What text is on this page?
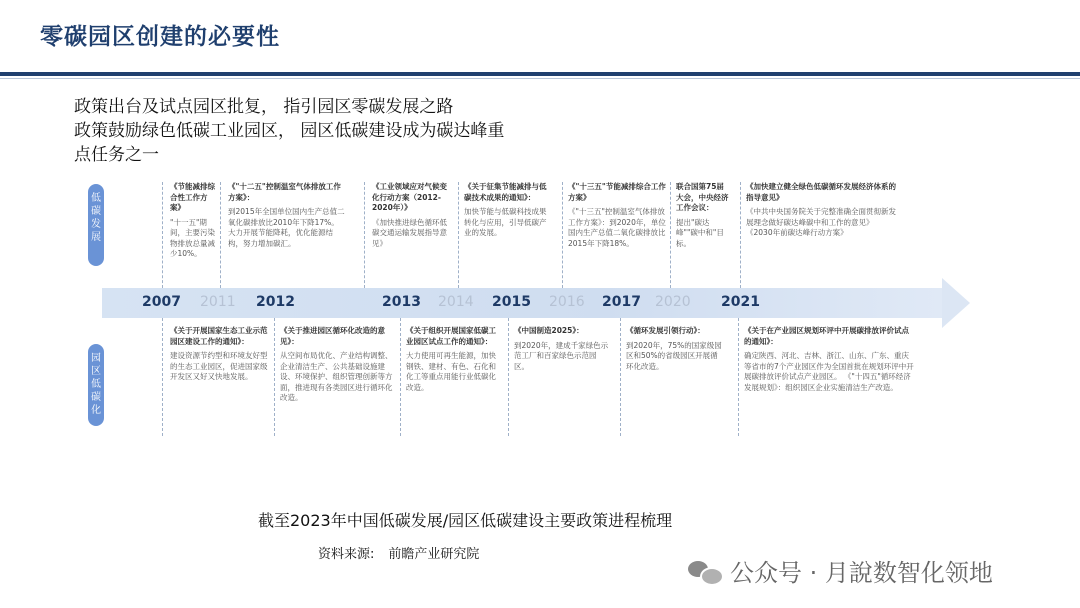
零碳园区创建的必要性
政策出台及试点园区批复， 指引园区零碳发展之路
政策鼓励绿色低碳工业园区， 园区低碳建设成为碳达峰重
点任务之一
低碳发展
园区低碳化
2007 2011 2012	2013 2014 2015 2016 2017 2020 2021
《节能减排综合性工作方案》
"十一五"期间，主要污染物排放总量减少10%。
《"十二五"控制温室气体排放工作方案》：
到2015年全国单位国内生产总值二氧化碳排放比2010年下降17%。大力开展节能降耗，优化能源结构，努力增加碳汇。
《工业领域应对气候变化行动方案（2012-2020年）》
《加快推进绿色循环低碳交通运输发展指导意见》
《关于征集节能减排与低碳技术成果的通知》：
加快节能与低碳科技成果转化与应用，引导低碳产业的发展。
《"十三五"节能减排综合工作方案》
《"十三五"控制温室气体排放工作方案》：到2020年，单位国内生产总值二氧化碳排放比2015年下降18%。
联合国第75届大会，中央经济工作会议：
提出"碳达峰""碳中和"目标。
《加快建立健全绿色低碳循环发展经济体系的指导意见》
《中共中央国务院关于完整准确全面贯彻新发展理念做好碳达峰碳中和工作的意见》 《2030年前碳达峰行动方案》
《关于开展国家生态工业示范园区建设工作的通知》：
建设资源节约型和环境友好型的生态工业园区，促进国家级开发区又好又快地发展。
《关于推进园区循环化改造的意见》：
从空间布局优化、产业结构调整、企业清洁生产、公共基础设施建设、环境保护、组织管理创新等方面，推进现有各类园区进行循环化改造。
《关于组织开展国家低碳工业园区试点工作的通知》：
大力使用可再生能源，加快钢铁、建材、有色、石化和化工等重点用能行业低碳化改造。
《中国制造2025》：
到2020年，建成千家绿色示范工厂和百家绿色示范园区。
《循环发展引领行动》：
到2020年，75%的国家级园区和50%的省级园区开展循环化改造。
《关于在产业园区规划环评中开展碳排放评价试点的通知》：
确定陕西、河北、吉林、浙江、山东、广东、重庆等省市的7个产业园区作为全国首批在规划环评中开展碳排放评价试点产业园区。 《"十四五"循环经济发展规划》：组织园区企业实施清洁生产改造。
截至2023年中国低碳发展/园区低碳建设主要政策进程梳理
资料来源: 前瞻产业研究院
公众号 · 月說数智化领地
